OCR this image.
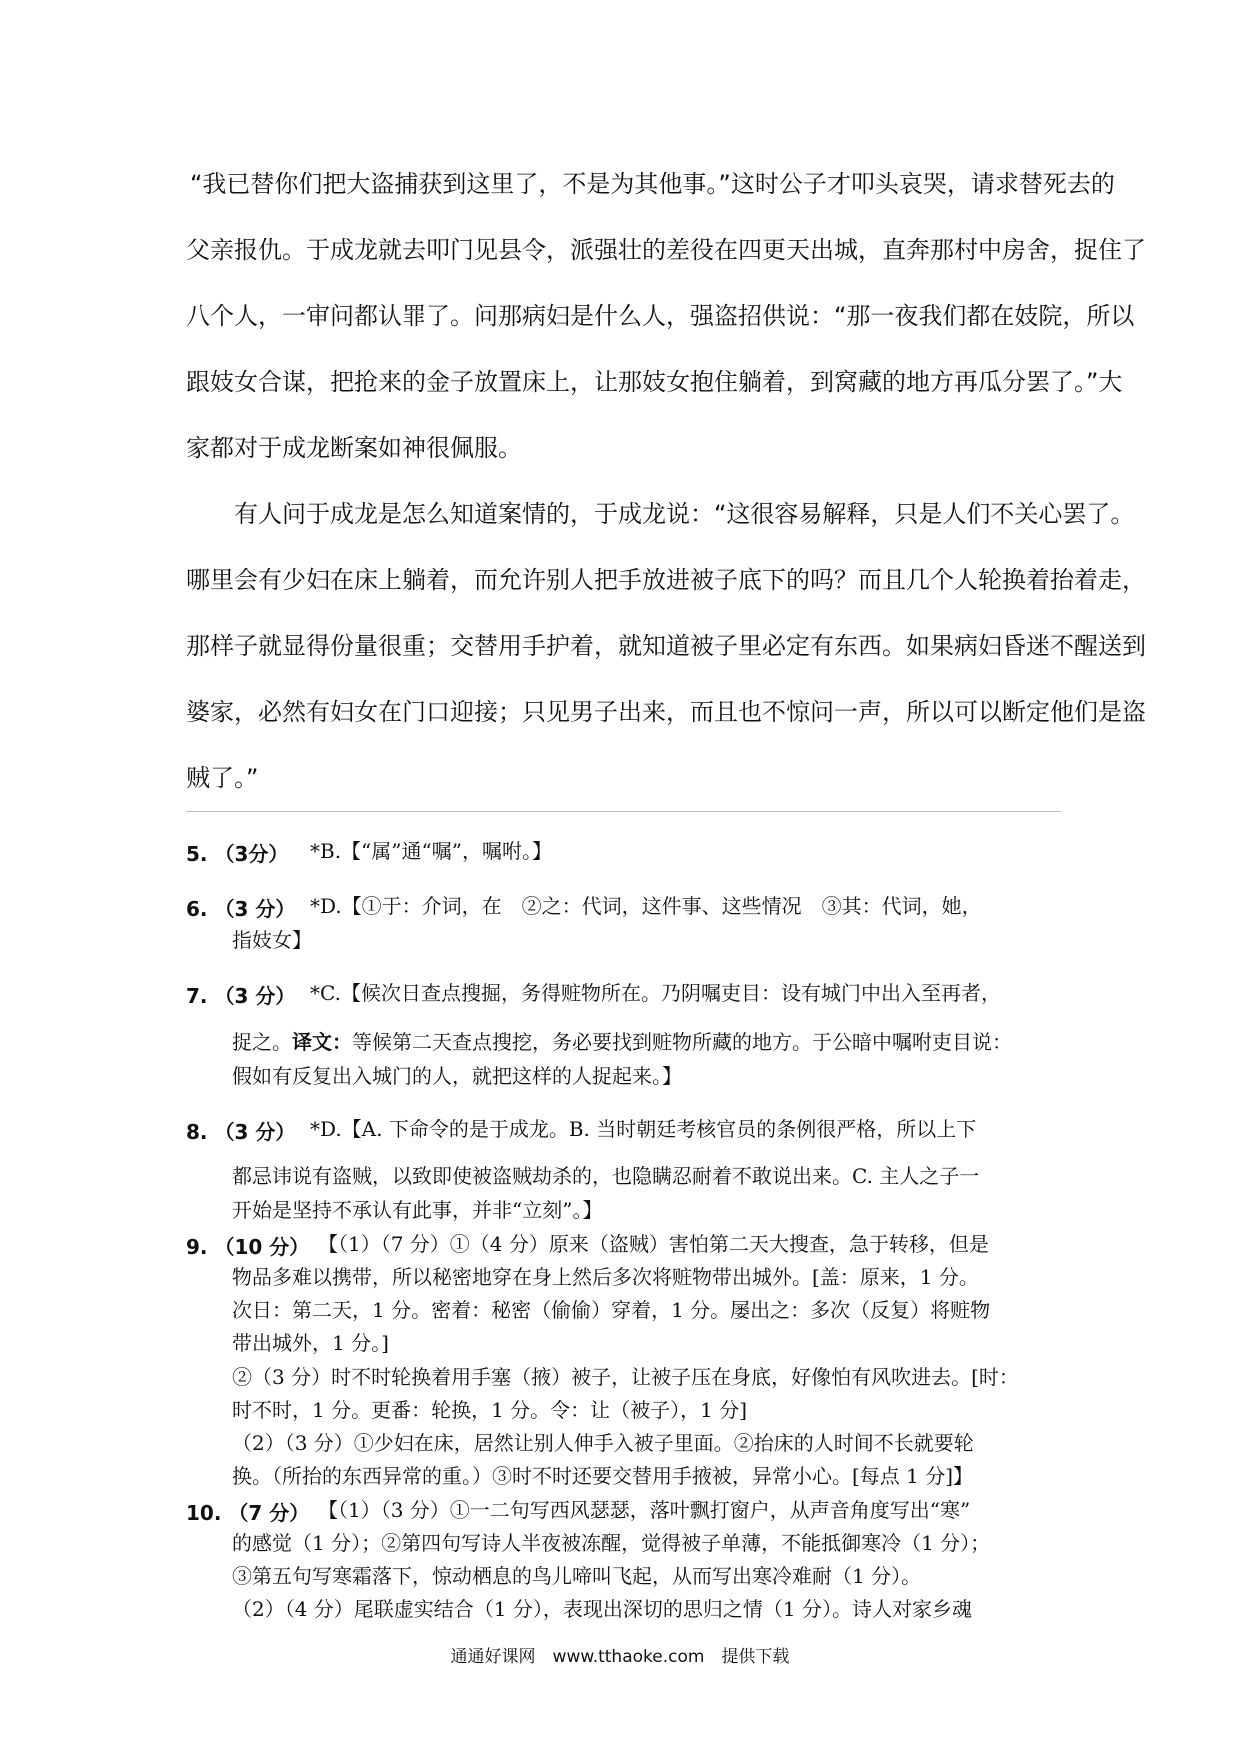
“我已替你们把大盗捕获到这里了，不是为其他事。”这时公子才叩头哀哭，请求替死去的
父亲报仇。于成龙就去叩门见县令，派强壮的差役在四更天出城，直奔那村中房舍，捉住了
八个人，一审问都认罪了。问那病妇是什么人，强盗招供说：“那一夜我们都在妓院，所以
跟妓女合谋，把抢来的金子放置床上，让那妓女抱住躺着，到窝藏的地方再瓜分罢了。”大
家都对于成龙断案如神很佩服。
有人问于成龙是怎么知道案情的，于成龙说：“这很容易解释，只是人们不关心罢了。
哪里会有少妇在床上躺着，而允许别人把手放进被子底下的吗？而且几个人轮换着抬着走，
那样子就显得份量很重；交替用手护着，就知道被子里必定有东西。如果病妇昏迷不醒送到
婆家，必然有妇女在门口迎接；只见男子出来，而且也不惊问一声，所以可以断定他们是盗
贼了。”
5. （3分） *B.【“属”通“嘱”，嘱咐。】
6. （3 分） *D.【①于：介词，在　②之：代词，这件事、这些情况　③其：代词，她，
指妓女】
7. （3 分） *C.【候次日查点搜掘，务得赃物所在。乃阴嘱吏目：设有城门中出入至再者，
捉之。译文：等候第二天查点搜挖，务必要找到赃物所藏的地方。于公暗中嘱咐吏目说：
假如有反复出入城门的人，就把这样的人捉起来。】
8. （3 分） *D.【A. 下命令的是于成龙。B. 当时朝廷考核官员的条例很严格，所以上下
都忌讳说有盗贼，以致即使被盗贼劫杀的，也隐瞒忍耐着不敢说出来。C. 主人之子一
开始是坚持不承认有此事，并非“立刻”。】
9. （10 分） 【（1）（7 分）①（4 分）原来（盗贼）害怕第二天大搜查，急于转移，但是
物品多难以携带，所以秘密地穿在身上然后多次将赃物带出城外。[盖：原来，1 分。
次日：第二天，1 分。密着：秘密（偷偷）穿着，1 分。屡出之：多次（反复）将赃物
带出城外，1 分。]
②（3 分）时不时轮换着用手塞（掖）被子，让被子压在身底，好像怕有风吹进去。[时：
时不时，1 分。更番：轮换，1 分。令：让（被子），1 分]
（2）（3 分）①少妇在床，居然让别人伸手入被子里面。②抬床的人时间不长就要轮
换。（所抬的东西异常的重。）③时不时还要交替用手掖被，异常小心。[每点 1 分]】
10. （7 分） 【（1）（3 分）①一二句写西风瑟瑟，落叶飘打窗户，从声音角度写出“寒”
的感觉（1 分）；②第四句写诗人半夜被冻醒，觉得被子单薄，不能抵御寒冷（1 分）；
③第五句写寒霜落下，惊动栖息的鸟儿啼叫飞起，从而写出寒冷难耐（1 分）。
（2）（4 分）尾联虚实结合（1 分），表现出深切的思归之情（1 分）。诗人对家乡魂
通通好课网　www.tthaoke.com　提供下载
